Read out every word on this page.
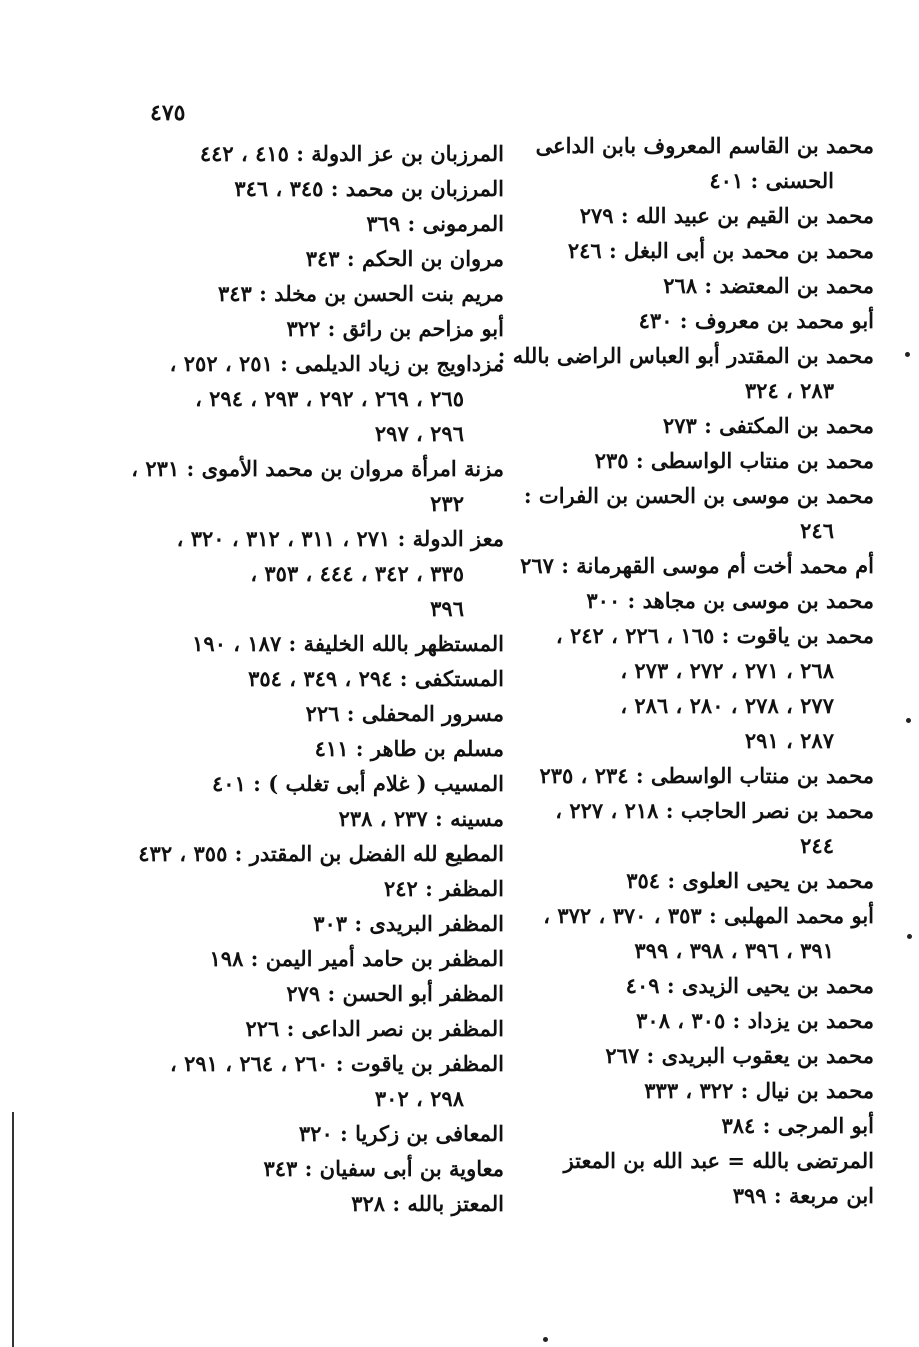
٤٧٥
محمد بن القاسم المعروف بابن الداعى
الحسنى : ٤٠١
محمد بن القيم بن عبيد الله : ٢٧٩
محمد بن محمد بن أبى البغل : ٢٤٦
محمد بن المعتضد : ٢٦٨
أبو محمد بن معروف : ٤٣٠
محمد بن المقتدر أبو العباس الراضى بالله :
٢٨٣ ، ٣٢٤
محمد بن المكتفى : ٢٧٣
محمد بن منتاب الواسطى : ٢٣٥
محمد بن موسى بن الحسن بن الفرات :
٢٤٦
أم محمد أخت أم موسى القهرمانة : ٢٦٧
محمد بن موسى بن مجاهد : ٣٠٠
محمد بن ياقوت : ١٦٥ ، ٢٢٦ ، ٢٤٢ ،
٢٦٨ ، ٢٧١ ، ٢٧٢ ، ٢٧٣ ،
٢٧٧ ، ٢٧٨ ، ٢٨٠ ، ٢٨٦ ،
٢٨٧ ، ٢٩١
محمد بن منتاب الواسطى : ٢٣٤ ، ٢٣٥
محمد بن نصر الحاجب : ٢١٨ ، ٢٢٧ ،
٢٤٤
محمد بن يحيى العلوى : ٣٥٤
أبو محمد المهلبى : ٣٥٣ ، ٣٧٠ ، ٣٧٢ ،
٣٩١ ، ٣٩٦ ، ٣٩٨ ، ٣٩٩
محمد بن يحيى الزيدى : ٤٠٩
محمد بن يزداد : ٣٠٥ ، ٣٠٨
محمد بن يعقوب البريدى : ٢٦٧
محمد بن نيال : ٣٢٢ ، ٣٣٣
أبو المرجى : ٣٨٤
المرتضى بالله = عبد الله بن المعتز
ابن مربعة : ٣٩٩
المرزبان بن عز الدولة : ٤١٥ ، ٤٤٢
المرزبان بن محمد : ٣٤٥ ، ٣٤٦
المرمونى : ٣٦٩
مروان بن الحكم : ٣٤٣
مريم بنت الحسن بن مخلد : ٣٤٣
أبو مزاحم بن رائق : ٣٢٢
مزداويج بن زياد الديلمى : ٢٥١ ، ٢٥٢ ،
٢٦٥ ، ٢٦٩ ، ٢٩٢ ، ٢٩٣ ، ٢٩٤ ،
٢٩٦ ، ٢٩٧
مزنة امرأة مروان بن محمد الأموى : ٢٣١ ،
٢٣٢
معز الدولة : ٢٧١ ، ٣١١ ، ٣١٢ ، ٣٢٠ ،
٣٣٥ ، ٣٤٢ ، ٤٤٤ ، ٣٥٣ ،
٣٩٦
المستظهر بالله الخليفة : ١٨٧ ، ١٩٠
المستكفى : ٢٩٤ ، ٣٤٩ ، ٣٥٤
مسرور المحفلى : ٢٢٦
مسلم بن طاهر : ٤١١
المسيب ( غلام أبى تغلب ) : ٤٠١
مسينه : ٢٣٧ ، ٢٣٨
المطيع لله الفضل بن المقتدر : ٣٥٥ ، ٤٣٢
المظفر : ٢٤٢
المظفر البريدى : ٣٠٣
المظفر بن حامد أمير اليمن : ١٩٨
المظفر أبو الحسن : ٢٧٩
المظفر بن نصر الداعى : ٢٢٦
المظفر بن ياقوت : ٢٦٠ ، ٢٦٤ ، ٢٩١ ،
٢٩٨ ، ٣٠٢
المعافى بن زكريا : ٣٢٠
معاوية بن أبى سفيان : ٣٤٣
المعتز بالله : ٣٢٨
